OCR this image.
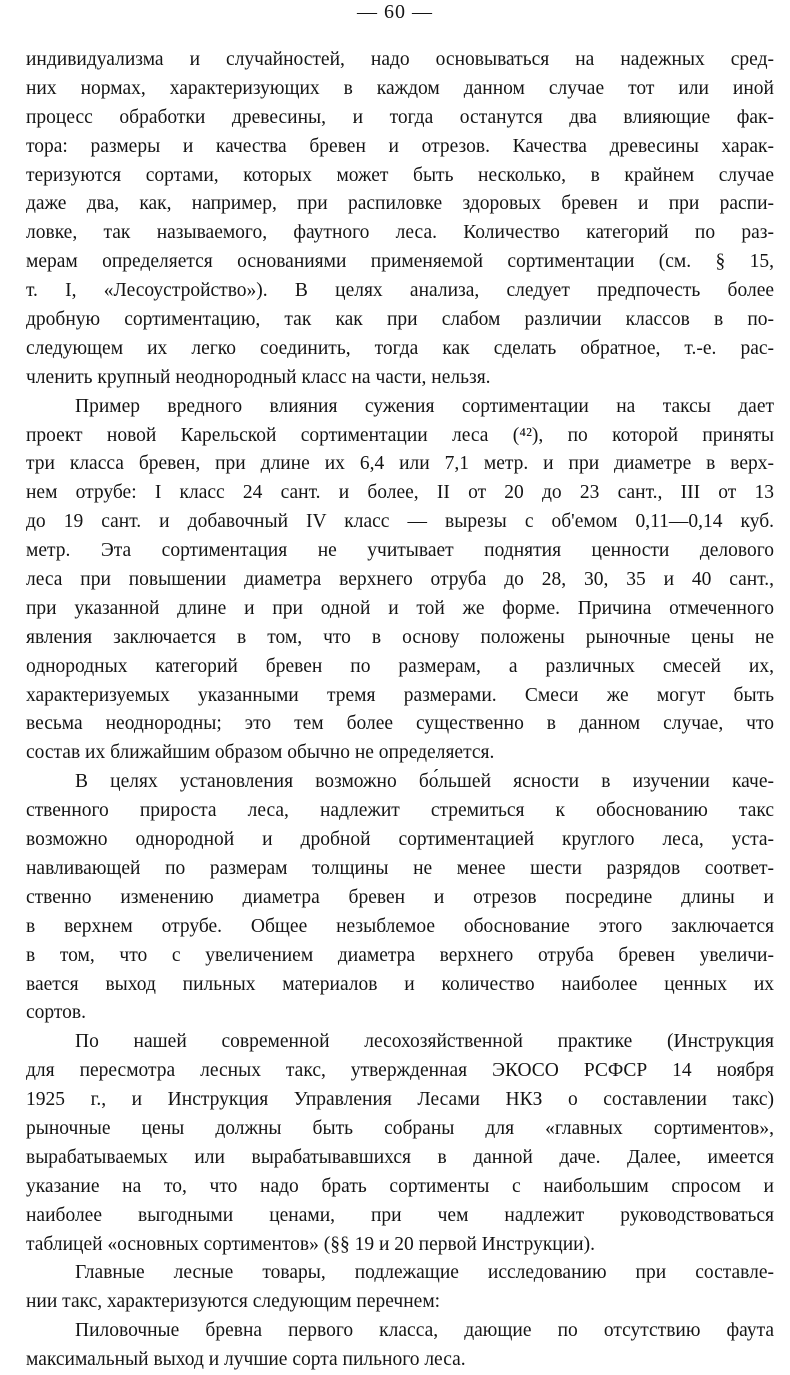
— 60 —
индивидуализма и случайностей, надо основываться на надежных сред-
них нормах, характеризующих в каждом данном случае тот или иной
процесс обработки древесины, и тогда останутся два влияющие фак-
тора: размеры и качества бревен и отрезов. Качества древесины харак-
теризуются сортами, которых может быть несколько, в крайнем случае
даже два, как, например, при распиловке здоровых бревен и при распи-
ловке, так называемого, фаутного леса. Количество категорий по раз-
мерам определяется основаниями применяемой сортиментации (см. § 15,
т. I, «Лесоустройство»). В целях анализа, следует предпочесть более
дробную сортиментацию, так как при слабом различии классов в по-
следующем их легко соединить, тогда как сделать обратное, т.-е. рас-
членить крупный неоднородный класс на части, нельзя.
Пример вредного влияния сужения сортиментации на таксы дает
проект новой Карельской сортиментации леса (⁴²), по которой приняты
три класса бревен, при длине их 6,4 или 7,1 метр. и при диаметре в верх-
нем отрубе: I класс 24 сант. и более, II от 20 до 23 сант., III от 13
до 19 сант. и добавочный IV класс — вырезы с об'емом 0,11—0,14 куб.
метр. Эта сортиментация не учитывает поднятия ценности делового
леса при повышении диаметра верхнего отруба до 28, 30, 35 и 40 сант.,
при указанной длине и при одной и той же форме. Причина отмеченного
явления заключается в том, что в основу положены рыночные цены не
однородных категорий бревен по размерам, а различных смесей их,
характеризуемых указанными тремя размерами. Смеси же могут быть
весьма неоднородны; это тем более существенно в данном случае, что
состав их ближайшим образом обычно не определяется.
В целях установления возможно бо́льшей ясности в изучении каче-
ственного прироста леса, надлежит стремиться к обоснованию такс
возможно однородной и дробной сортиментацией круглого леса, уста-
навливающей по размерам толщины не менее шести разрядов соответ-
ственно изменению диаметра бревен и отрезов посредине длины и
в верхнем отрубе. Общее незыблемое обоснование этого заключается
в том, что с увеличением диаметра верхнего отруба бревен увеличи-
вается выход пильных материалов и количество наиболее ценных их
сортов.
По нашей современной лесохозяйственной практике (Инструкция
для пересмотра лесных такс, утвержденная ЭКОСО РСФСР 14 ноября
1925 г., и Инструкция Управления Лесами НКЗ о составлении такс)
рыночные цены должны быть собраны для «главных сортиментов»,
вырабатываемых или вырабатывавшихся в данной даче. Далее, имеется
указание на то, что надо брать сортименты с наибольшим спросом и
наиболее выгодными ценами, при чем надлежит руководствоваться
таблицей «основных сортиментов» (§§ 19 и 20 первой Инструкции).
Главные лесные товары, подлежащие исследованию при составле-
нии такс, характеризуются следующим перечнем:
Пиловочные бревна первого класса, дающие по отсутствию фаута
максимальный выход и лучшие сорта пильного леса.
